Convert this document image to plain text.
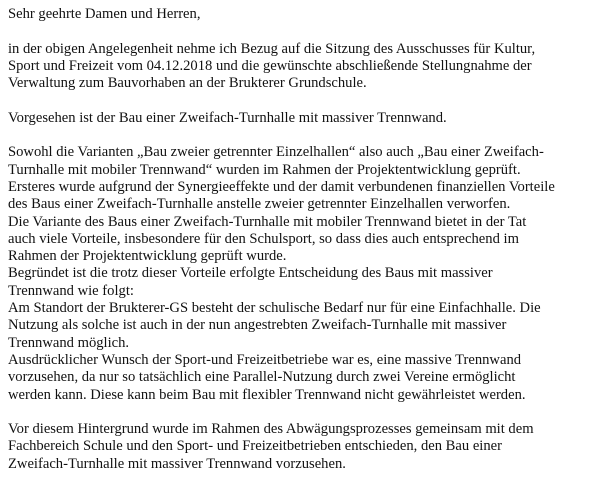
Sehr geehrte Damen und Herren,
in der obigen Angelegenheit nehme ich Bezug auf die Sitzung des Ausschusses für Kultur,
Sport und Freizeit vom 04.12.2018 und die gewünschte abschließende Stellungnahme der
Verwaltung zum Bauvorhaben an der Brukterer Grundschule.
Vorgesehen ist der Bau einer Zweifach-Turnhalle mit massiver Trennwand.
Sowohl die Varianten „Bau zweier getrennter Einzelhallen“ also auch „Bau einer Zweifach-
Turnhalle mit mobiler Trennwand“ wurden im Rahmen der Projektentwicklung geprüft.
Ersteres wurde aufgrund der Synergieeffekte und der damit verbundenen finanziellen Vorteile
des Baus einer Zweifach-Turnhalle anstelle zweier getrennter Einzelhallen verworfen.
Die Variante des Baus einer Zweifach-Turnhalle mit mobiler Trennwand bietet in der Tat
auch viele Vorteile, insbesondere für den Schulsport, so dass dies auch entsprechend im
Rahmen der Projektentwicklung geprüft wurde.
Begründet ist die trotz dieser Vorteile erfolgte Entscheidung des Baus mit massiver
Trennwand wie folgt:
Am Standort der Brukterer-GS besteht der schulische Bedarf nur für eine Einfachhalle. Die
Nutzung als solche ist auch in der nun angestrebten Zweifach-Turnhalle mit massiver
Trennwand möglich.
Ausdrücklicher Wunsch der Sport-und Freizeitbetriebe war es, eine massive Trennwand
vorzusehen, da nur so tatsächlich eine Parallel-Nutzung durch zwei Vereine ermöglicht
werden kann. Diese kann beim Bau mit flexibler Trennwand nicht gewährleistet werden.
Vor diesem Hintergrund wurde im Rahmen des Abwägungsprozesses gemeinsam mit dem
Fachbereich Schule und den Sport- und Freizeitbetrieben entschieden, den Bau einer
Zweifach-Turnhalle mit massiver Trennwand vorzusehen.
